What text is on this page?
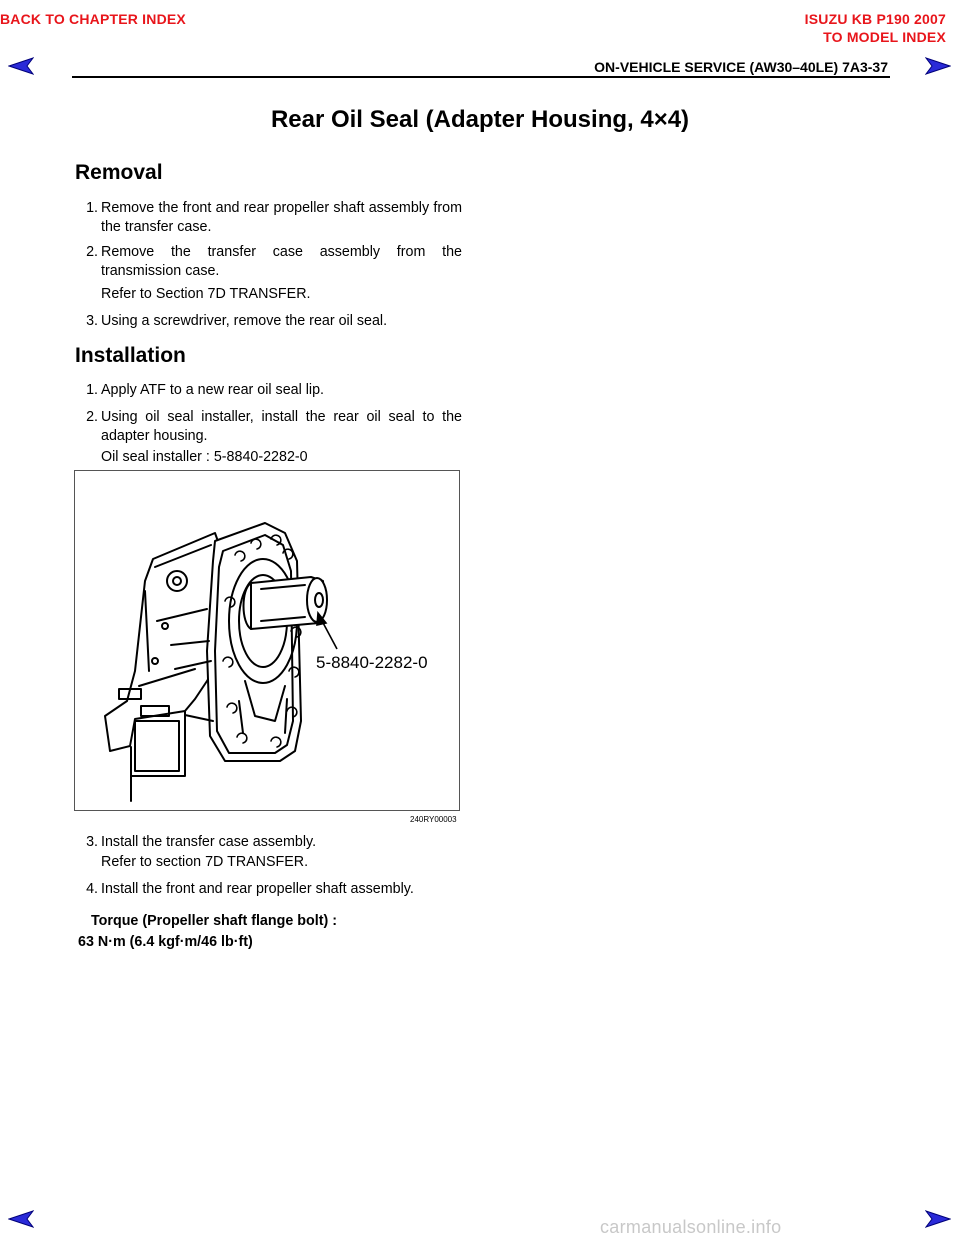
BACK TO CHAPTER INDEX	ISUZU KB P190 2007
TO MODEL INDEX
ON-VEHICLE SERVICE (AW30–40LE) 7A3-37
Rear Oil Seal (Adapter Housing, 4×4)
Removal
1. Remove the front and rear propeller shaft assembly from the transfer case.
2. Remove the transfer case assembly from the transmission case.
Refer to Section 7D TRANSFER.
3. Using a screwdriver, remove the rear oil seal.
Installation
1. Apply ATF to a new rear oil seal lip.
2. Using oil seal installer, install the rear oil seal to the adapter housing.
Oil seal installer : 5-8840-2282-0
5-8840-2282-0
240RY00003
3. Install the transfer case assembly.
Refer to section 7D TRANSFER.
4. Install the front and rear propeller shaft assembly.
Torque (Propeller shaft flange bolt) :
63 N·m (6.4 kgf·m/46 lb·ft)
carmanualsonline.info
